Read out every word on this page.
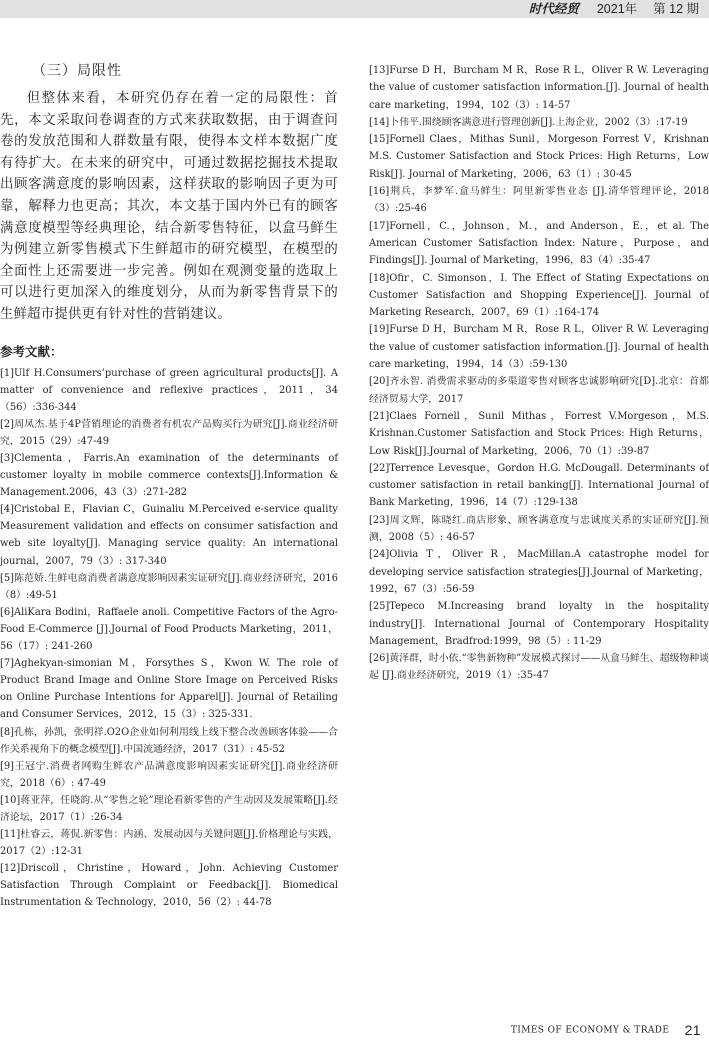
时代经贸 2021年 第 12 期

（三）局限性

但整体来看，本研究仍存在着一定的局限性：首先，本文采取问卷调查的方式来获取数据，由于调查问卷的发放范围和人群数量有限，使得本文样本数据广度有待扩大。在未来的研究中，可通过数据挖掘技术提取出顾客满意度的影响因素，这样获取的影响因子更为可靠，解释力也更高；其次，本文基于国内外已有的顾客满意度模型等经典理论，结合新零售特征，以盒马鲜生为例建立新零售模式下生鲜超市的研究模型，在模型的全面性上还需要进一步完善。例如在观测变量的选取上可以进行更加深入的维度划分，从而为新零售背景下的生鲜超市提供更有针对性的营销建议。

参考文献：

[1]Ulf H.Consumers’purchase of green agricultural products[J]. A matter of convenience and reflexive practices，2011，34（56）:336-344

[2]周凤杰.基于4P营销理论的消费者有机农产品购买行为研究[J].商业经济研究，2015（29）:47-49

[3]Clementa，Farris.An examination of the determinants of customer loyalty in mobile commerce contexts[J].Information & Management.2006，43（3）:271-282

[4]Cristobal E，Flavian C，Guinaliu M.Perceived e-service quality Measurement validation and effects on consumer satisfaction and web site loyalty[J]. Managing service quality: An international journal，2007，79（3）: 317-340

[5]陈范娇.生鲜电商消费者满意度影响因素实证研究[J].商业经济研究，2016（8）:49-51

[6]AliKara Bodini，Raffaele anoli. Competitive Factors of the Agro-Food E-Commerce [J].Journal of Food Products Marketing，2011，56（17）: 241-260

[7]Aghekyan-simonian M，Forsythes S，Kwon W. The role of Product Brand Image and Online Store Image on Perceived Risks on Online Purchase Intentions for Apparel[J]. Journal of Retailing and Consumer Services，2012，15（3）: 325-331.

[8]孔栋，孙凯，张明祥.O2O企业如何利用线上线下整合改善顾客体验——合作关系视角下的概念模型[J].中国流通经济，2017（31）: 45-52

[9]王冠宁.消费者网购生鲜农产品满意度影响因素实证研究[J].商业经济研究，2018（6）: 47-49

[10]蒋亚萍，任晓韵.从“零售之轮”理论看新零售的产生动因及发展策略[J].经济论坛，2017（1）:26-34

[11]杜睿云，蒋侃.新零售：内涵、发展动因与关键问题[J].价格理论与实践，2017（2）:12-31

[12]Driscoll，Christine，Howard，John. Achieving Customer Satisfaction Through Complaint or Feedback[J]. Biomedical Instrumentation & Technology，2010，56（2）: 44-78

[13]Furse D H，Burcham M R，Rose R L，Oliver R W. Leveraging the value of customer satisfaction information.[J]. Journal of health care marketing，1994，102（3）: 14-57

[14]卜伟平.围绕顾客满意进行管理创新[J].上海企业，2002（3）:17-19

[15]Fornell Claes，Mithas Sunil，Morgeson Forrest V，Krishnan M.S. Customer Satisfaction and Stock Prices: High Returns，Low Risk[J]. Journal of Marketing，2006，63（1）: 30-45

[16]荆兵，李梦军.盒马鲜生：阿里新零售业态 [J].清华管理评论，2018（3）:25-46

[17]Fornell，C.，Johnson，M.，and Anderson，E.，et al. The American Customer Satisfaction Index: Nature，Purpose，and Findings[J]. Journal of Marketing，1996，83（4）:35-47

[18]Ofir，C. Simonson，I. The Effect of Stating Expectations on Customer Satisfaction and Shopping Experience[J]. Journal of Marketing Research，2007，69（1）:164-174

[19]Furse D H，Burcham M R，Rose R L，Oliver R W. Leveraging the value of customer satisfaction information.[J]. Journal of health care marketing，1994，14（3）:59-130

[20]齐永智. 消费需求驱动的多渠道零售对顾客忠诚影响研究[D].北京：首都经济贸易大学，2017

[21]Claes Fornell，Sunil Mithas，Forrest V.Morgeson，M.S. Krishnan.Customer Satisfaction and Stock Prices: High Returns，Low Risk[J].Journal of Marketing，2006，70（1）:39-87

[22]Terrence Levesque，Gordon H.G. McDougall. Determinants of customer satisfaction in retail banking[J]. International Journal of Bank Marketing，1996，14（7）:129-138

[23]周文辉，陈晓红.商店形象、顾客满意度与忠诚度关系的实证研究[J].预测，2008（5）: 46-57

[24]Olivia T，Oliver R，MacMillan.A catastrophe model for developing service satisfaction strategies[J].Journal of Marketing，1992，67（3）:56-59

[25]Tepeco M.Increasing brand loyalty in the hospitality industry[J]. International Journal of Contemporary Hospitality Management，Bradfrod:1999，98（5）: 11-29

[26]黄泽群，时小依.“零售新物种”发展模式探讨——从盒马鲜生、超级物种谈起 [J].商业经济研究，2019（1）:35-47

TIMES OF ECONOMY & TRADE 21
